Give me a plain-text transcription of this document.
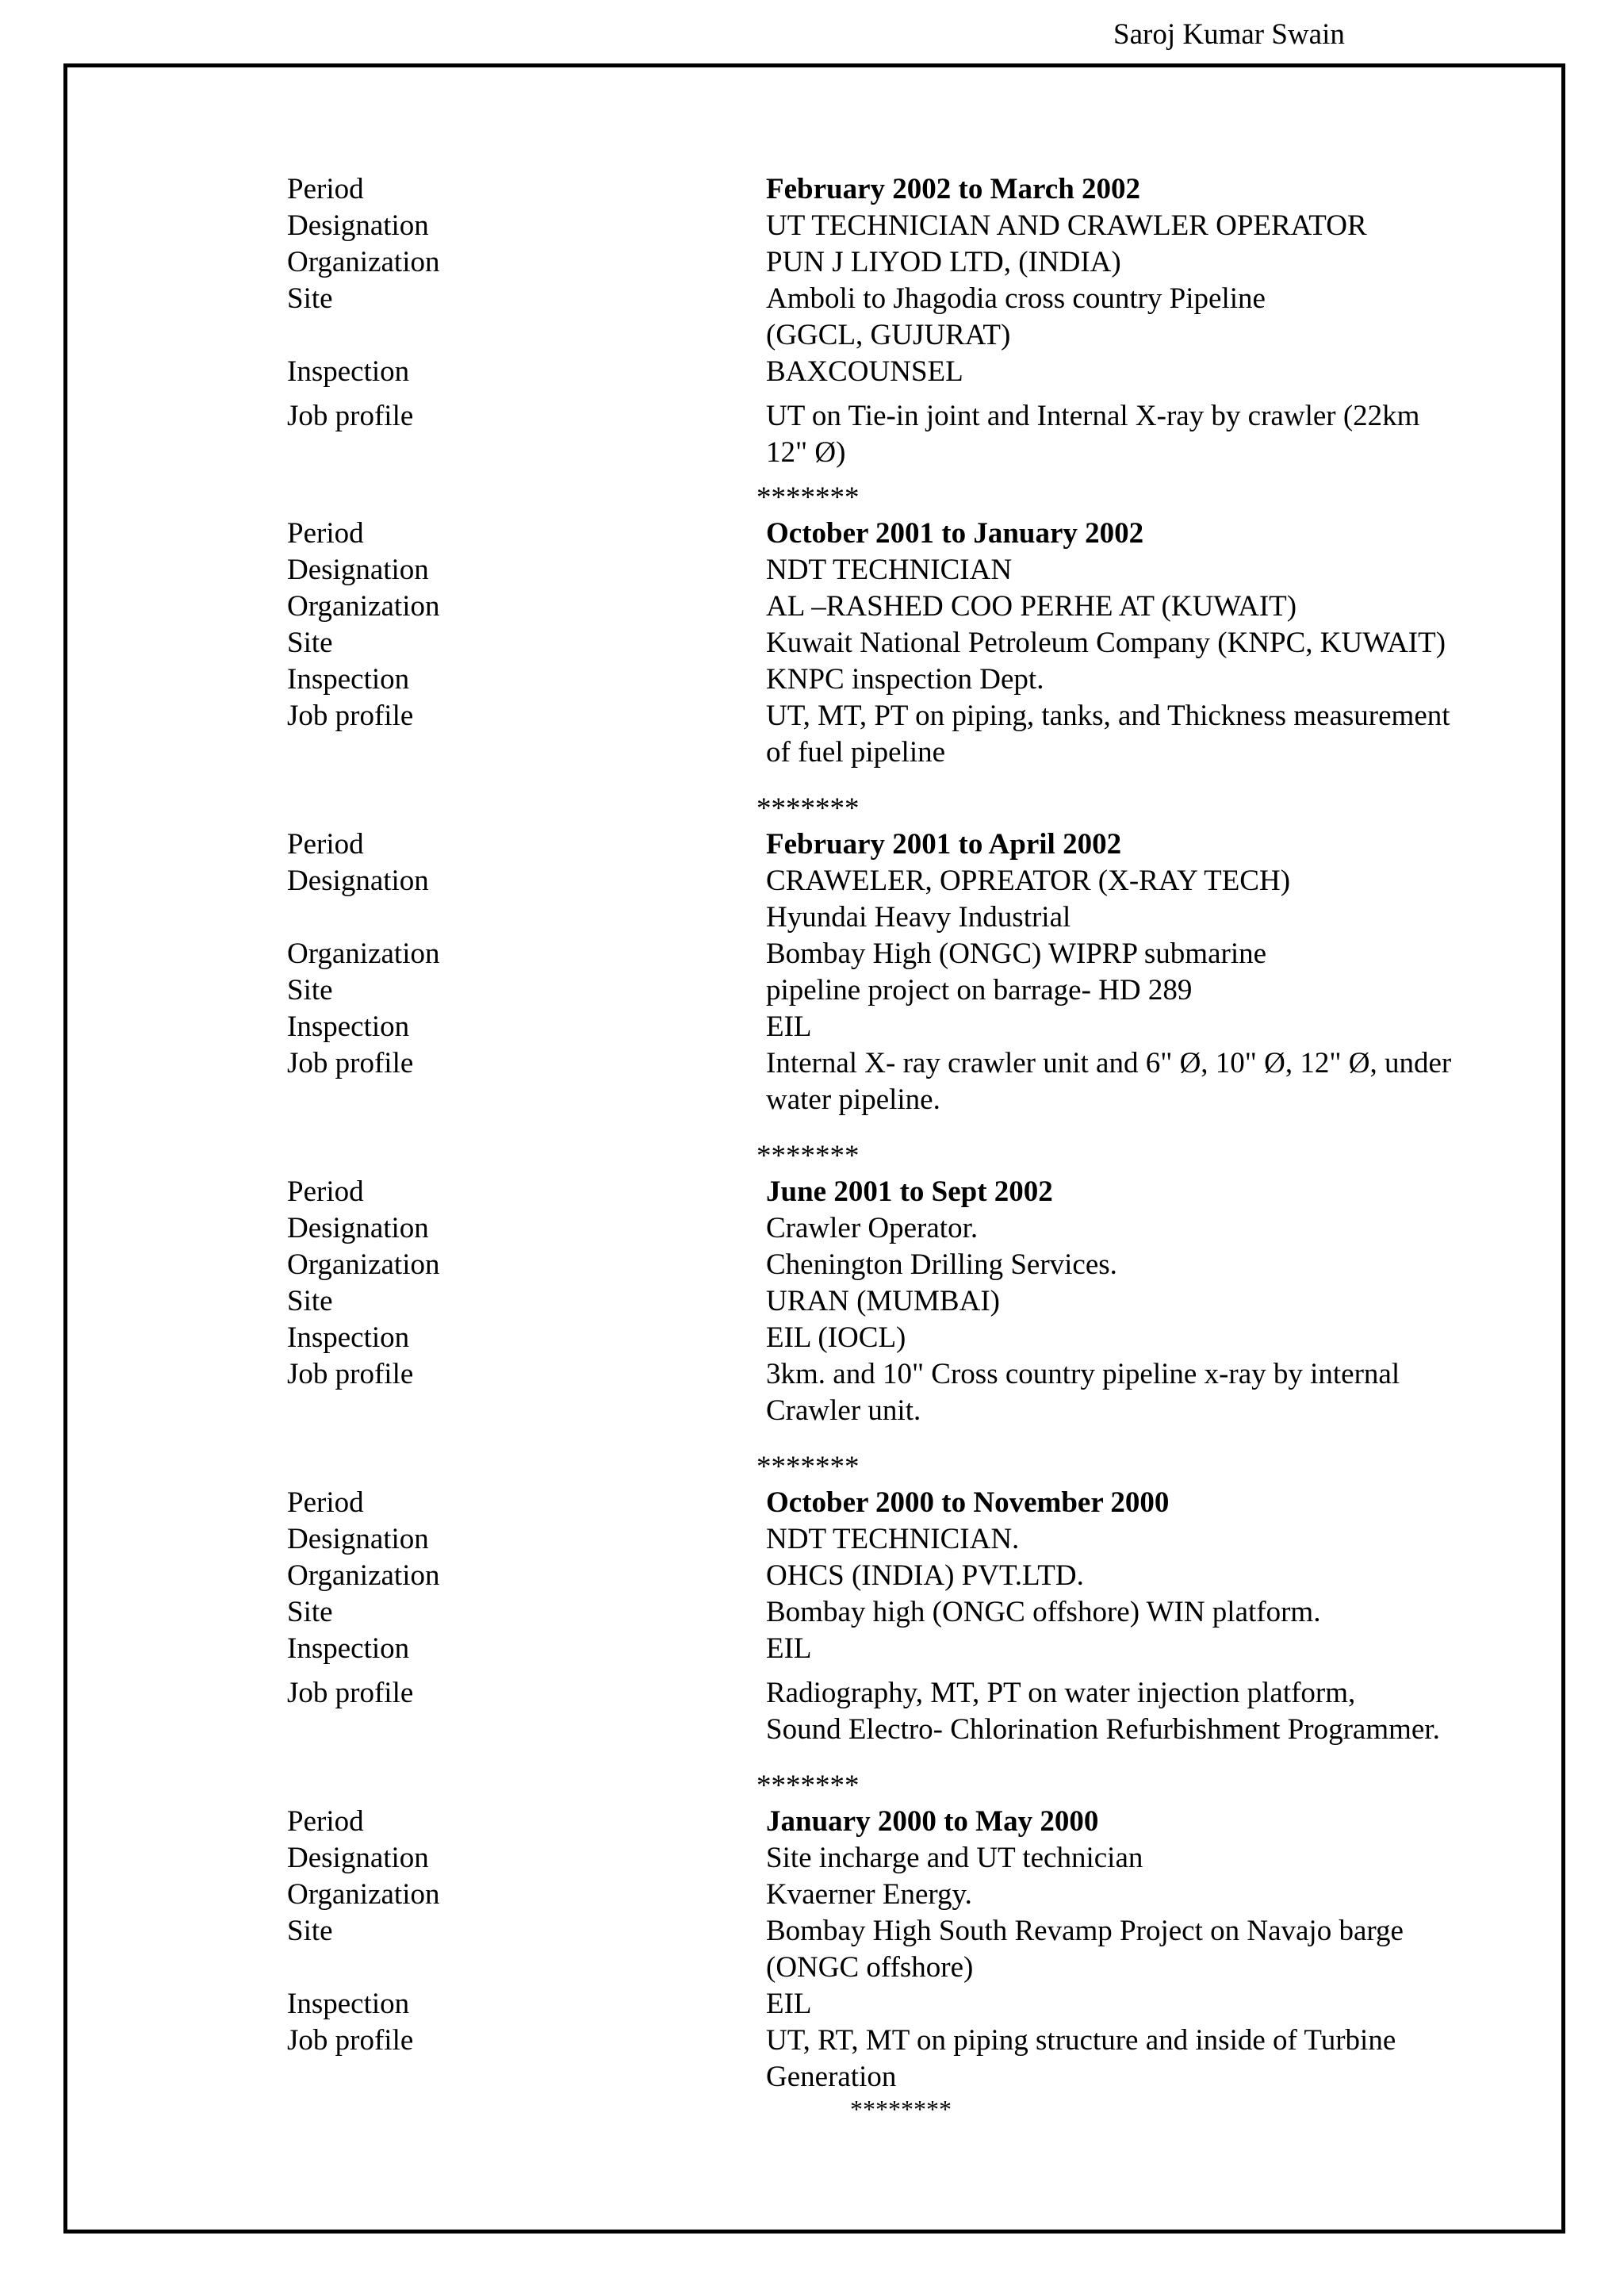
Saroj Kumar Swain
Period	February 2002 to March 2002
Designation	UT TECHNICIAN AND CRAWLER OPERATOR
Organization	PUN J LIYOD LTD, (INDIA)
Site	Amboli to Jhagodia cross country Pipeline
(GGCL, GUJURAT)
Inspection	BAXCOUNSEL
Job profile	UT on Tie-in joint and Internal X-ray by crawler (22km
12" Ø)
*******
Period	October 2001 to January 2002
Designation	NDT TECHNICIAN
Organization	AL –RASHED COO PERHE AT (KUWAIT)
Site	Kuwait National Petroleum Company (KNPC, KUWAIT)
Inspection	KNPC inspection Dept.
Job profile	UT, MT, PT on piping, tanks, and Thickness measurement
of fuel pipeline
*******
Period	February 2001 to April 2002
Designation	CRAWELER, OPREATOR (X-RAY TECH)
Hyundai Heavy Industrial
Organization	Bombay High (ONGC) WIPRP submarine
Site	pipeline project on barrage- HD 289
Inspection	EIL
Job profile	Internal X- ray crawler unit and 6" Ø, 10" Ø, 12" Ø, under
water pipeline.
*******
Period	June 2001 to Sept 2002
Designation	Crawler Operator.
Organization	Chenington Drilling Services.
Site	URAN (MUMBAI)
Inspection	EIL (IOCL)
Job profile	3km. and 10" Cross country pipeline x-ray by internal
Crawler unit.
*******
Period	October 2000 to November 2000
Designation	NDT TECHNICIAN.
Organization	OHCS (INDIA) PVT.LTD.
Site	Bombay high (ONGC offshore) WIN platform.
Inspection	EIL
Job profile	Radiography, MT, PT on water injection platform,
Sound Electro- Chlorination Refurbishment Programmer.
*******
Period	January 2000 to May 2000
Designation	Site incharge and UT technician
Organization	Kvaerner Energy.
Site	Bombay High South Revamp Project on Navajo barge
(ONGC offshore)
Inspection	EIL
Job profile	UT, RT, MT on piping structure and inside of Turbine
Generation
********
